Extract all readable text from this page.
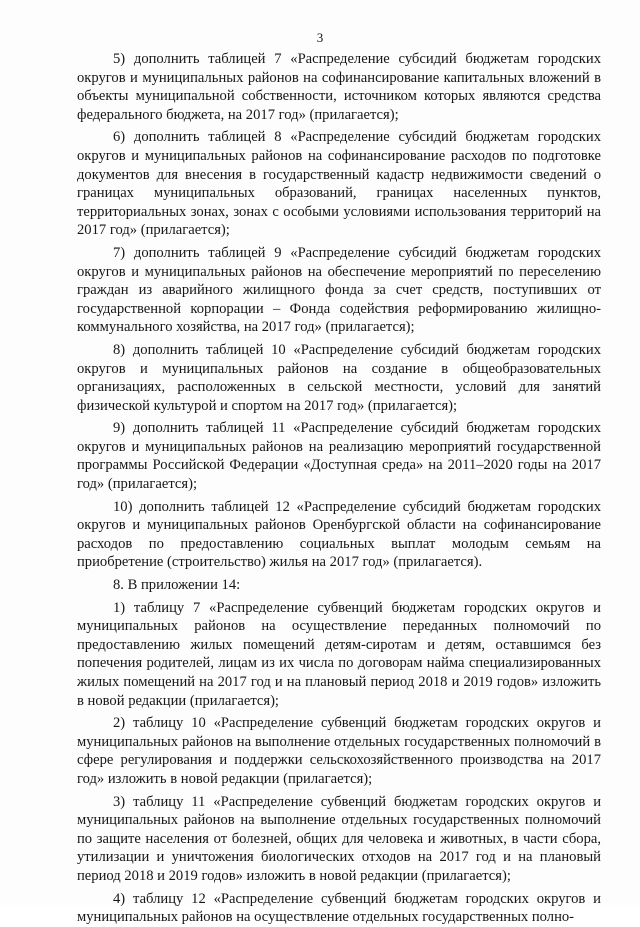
3

5) дополнить таблицей 7 «Распределение субсидий бюджетам городских округов и муниципальных районов на софинансирование капитальных вложений в объекты муниципальной собственности, источником которых являются средства федерального бюджета, на 2017 год» (прилагается);

6) дополнить таблицей 8 «Распределение субсидий бюджетам городских округов и муниципальных районов на софинансирование расходов по подготовке документов для внесения в государственный кадастр недвижимости сведений о границах муниципальных образований, границах населенных пунктов, территориальных зонах, зонах с особыми условиями использования территорий на 2017 год» (прилагается);

7) дополнить таблицей 9 «Распределение субсидий бюджетам городских округов и муниципальных районов на обеспечение мероприятий по переселению граждан из аварийного жилищного фонда за счет средств, поступивших от государственной корпорации – Фонда содействия реформированию жилищно-коммунального хозяйства, на 2017 год» (прилагается);

8) дополнить таблицей 10 «Распределение субсидий бюджетам городских округов и муниципальных районов на создание в общеобразовательных организациях, расположенных в сельской местности, условий для занятий физической культурой и спортом на 2017 год» (прилагается);

9) дополнить таблицей 11 «Распределение субсидий бюджетам городских округов и муниципальных районов на реализацию мероприятий государственной программы Российской Федерации «Доступная среда» на 2011–2020 годы на 2017 год» (прилагается);

10) дополнить таблицей 12 «Распределение субсидий бюджетам городских округов и муниципальных районов Оренбургской области на софинансирование расходов по предоставлению социальных выплат молодым семьям на приобретение (строительство) жилья на 2017 год» (прилагается).

8. В приложении 14:

1) таблицу 7 «Распределение субвенций бюджетам городских округов и муниципальных районов на осуществление переданных полномочий по предоставлению жилых помещений детям-сиротам и детям, оставшимся без попечения родителей, лицам из их числа по договорам найма специализированных жилых помещений на 2017 год и на плановый период 2018 и 2019 годов» изложить в новой редакции (прилагается);

2) таблицу 10 «Распределение субвенций бюджетам городских округов и муниципальных районов на выполнение отдельных государственных полномочий в сфере регулирования и поддержки сельскохозяйственного производства на 2017 год» изложить в новой редакции (прилагается);

3) таблицу 11 «Распределение субвенций бюджетам городских округов и муниципальных районов на выполнение отдельных государственных полномочий по защите населения от болезней, общих для человека и животных, в части сбора, утилизации и уничтожения биологических отходов на 2017 год и на плановый период 2018 и 2019 годов» изложить в новой редакции (прилагается);

4) таблицу 12 «Распределение субвенций бюджетам городских округов и муниципальных районов на осуществление отдельных государственных полно-
